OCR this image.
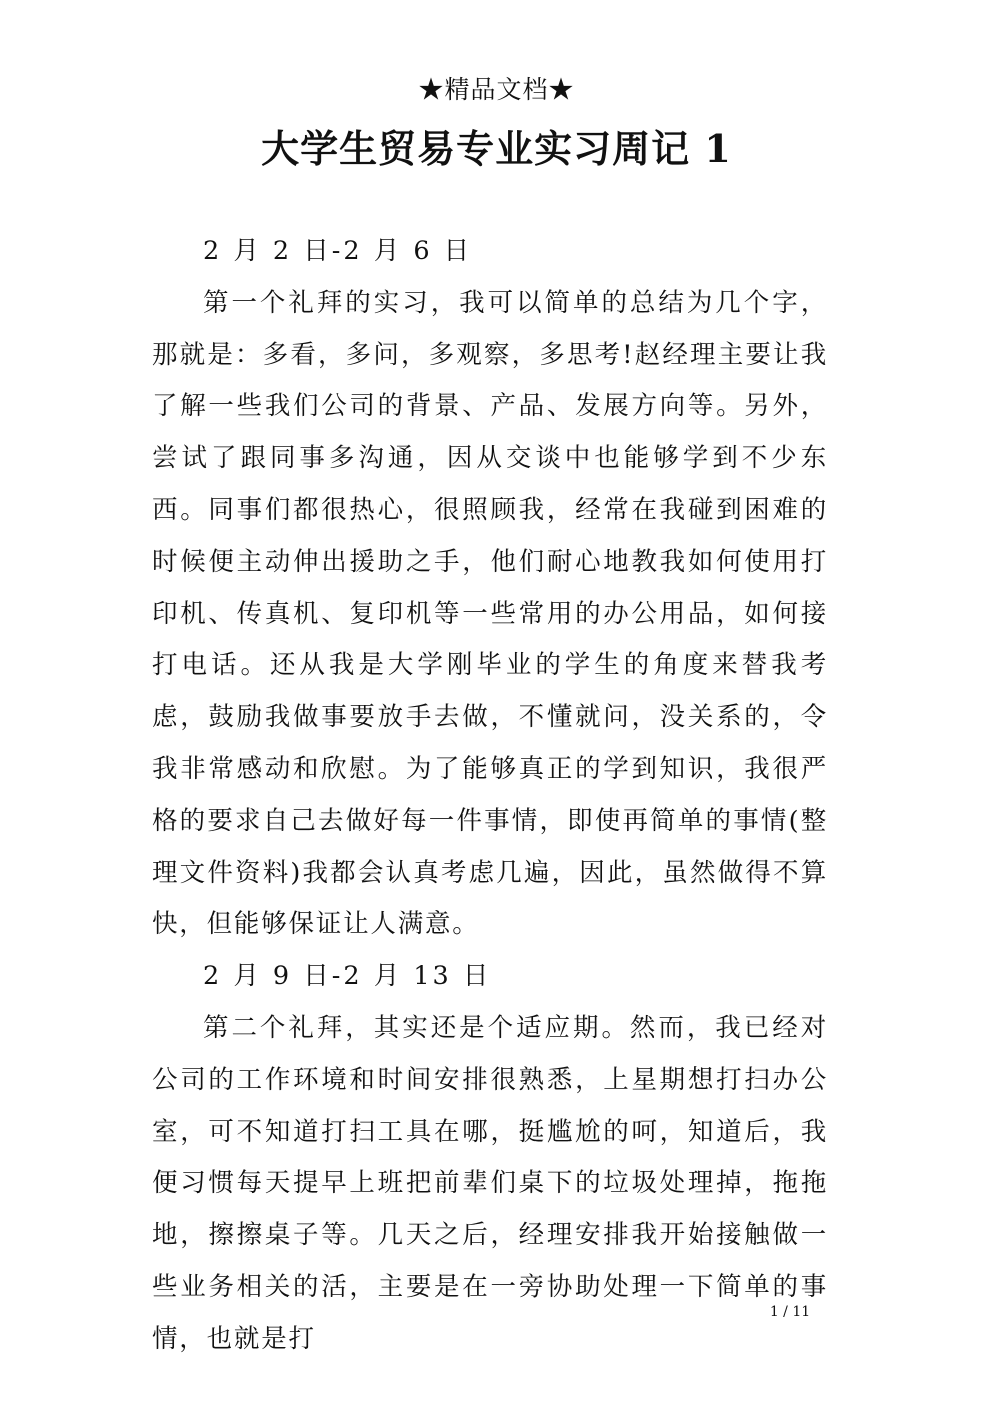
★精品文档★
大学生贸易专业实习周记 1

2 月 2 日-2 月 6 日

第一个礼拜的实习，我可以简单的总结为几个字，那就是：多看，多问，多观察，多思考!赵经理主要让我了解一些我们公司的背景、产品、发展方向等。另外，尝试了跟同事多沟通，因从交谈中也能够学到不少东西。同事们都很热心，很照顾我，经常在我碰到困难的时候便主动伸出援助之手，他们耐心地教我如何使用打印机、传真机、复印机等一些常用的办公用品，如何接打电话。还从我是大学刚毕业的学生的角度来替我考虑，鼓励我做事要放手去做，不懂就问，没关系的，令我非常感动和欣慰。为了能够真正的学到知识，我很严格的要求自己去做好每一件事情，即使再简单的事情(整理文件资料)我都会认真考虑几遍，因此，虽然做得不算快，但能够保证让人满意。

2 月 9 日-2 月 13 日

第二个礼拜，其实还是个适应期。然而，我已经对公司的工作环境和时间安排很熟悉，上星期想打扫办公室，可不知道打扫工具在哪，挺尴尬的呵，知道后，我便习惯每天提早上班把前辈们桌下的垃圾处理掉，拖拖地，擦擦桌子等。几天之后，经理安排我开始接触做一些业务相关的活，主要是在一旁协助处理一下简单的事情，也就是打

1 / 11
